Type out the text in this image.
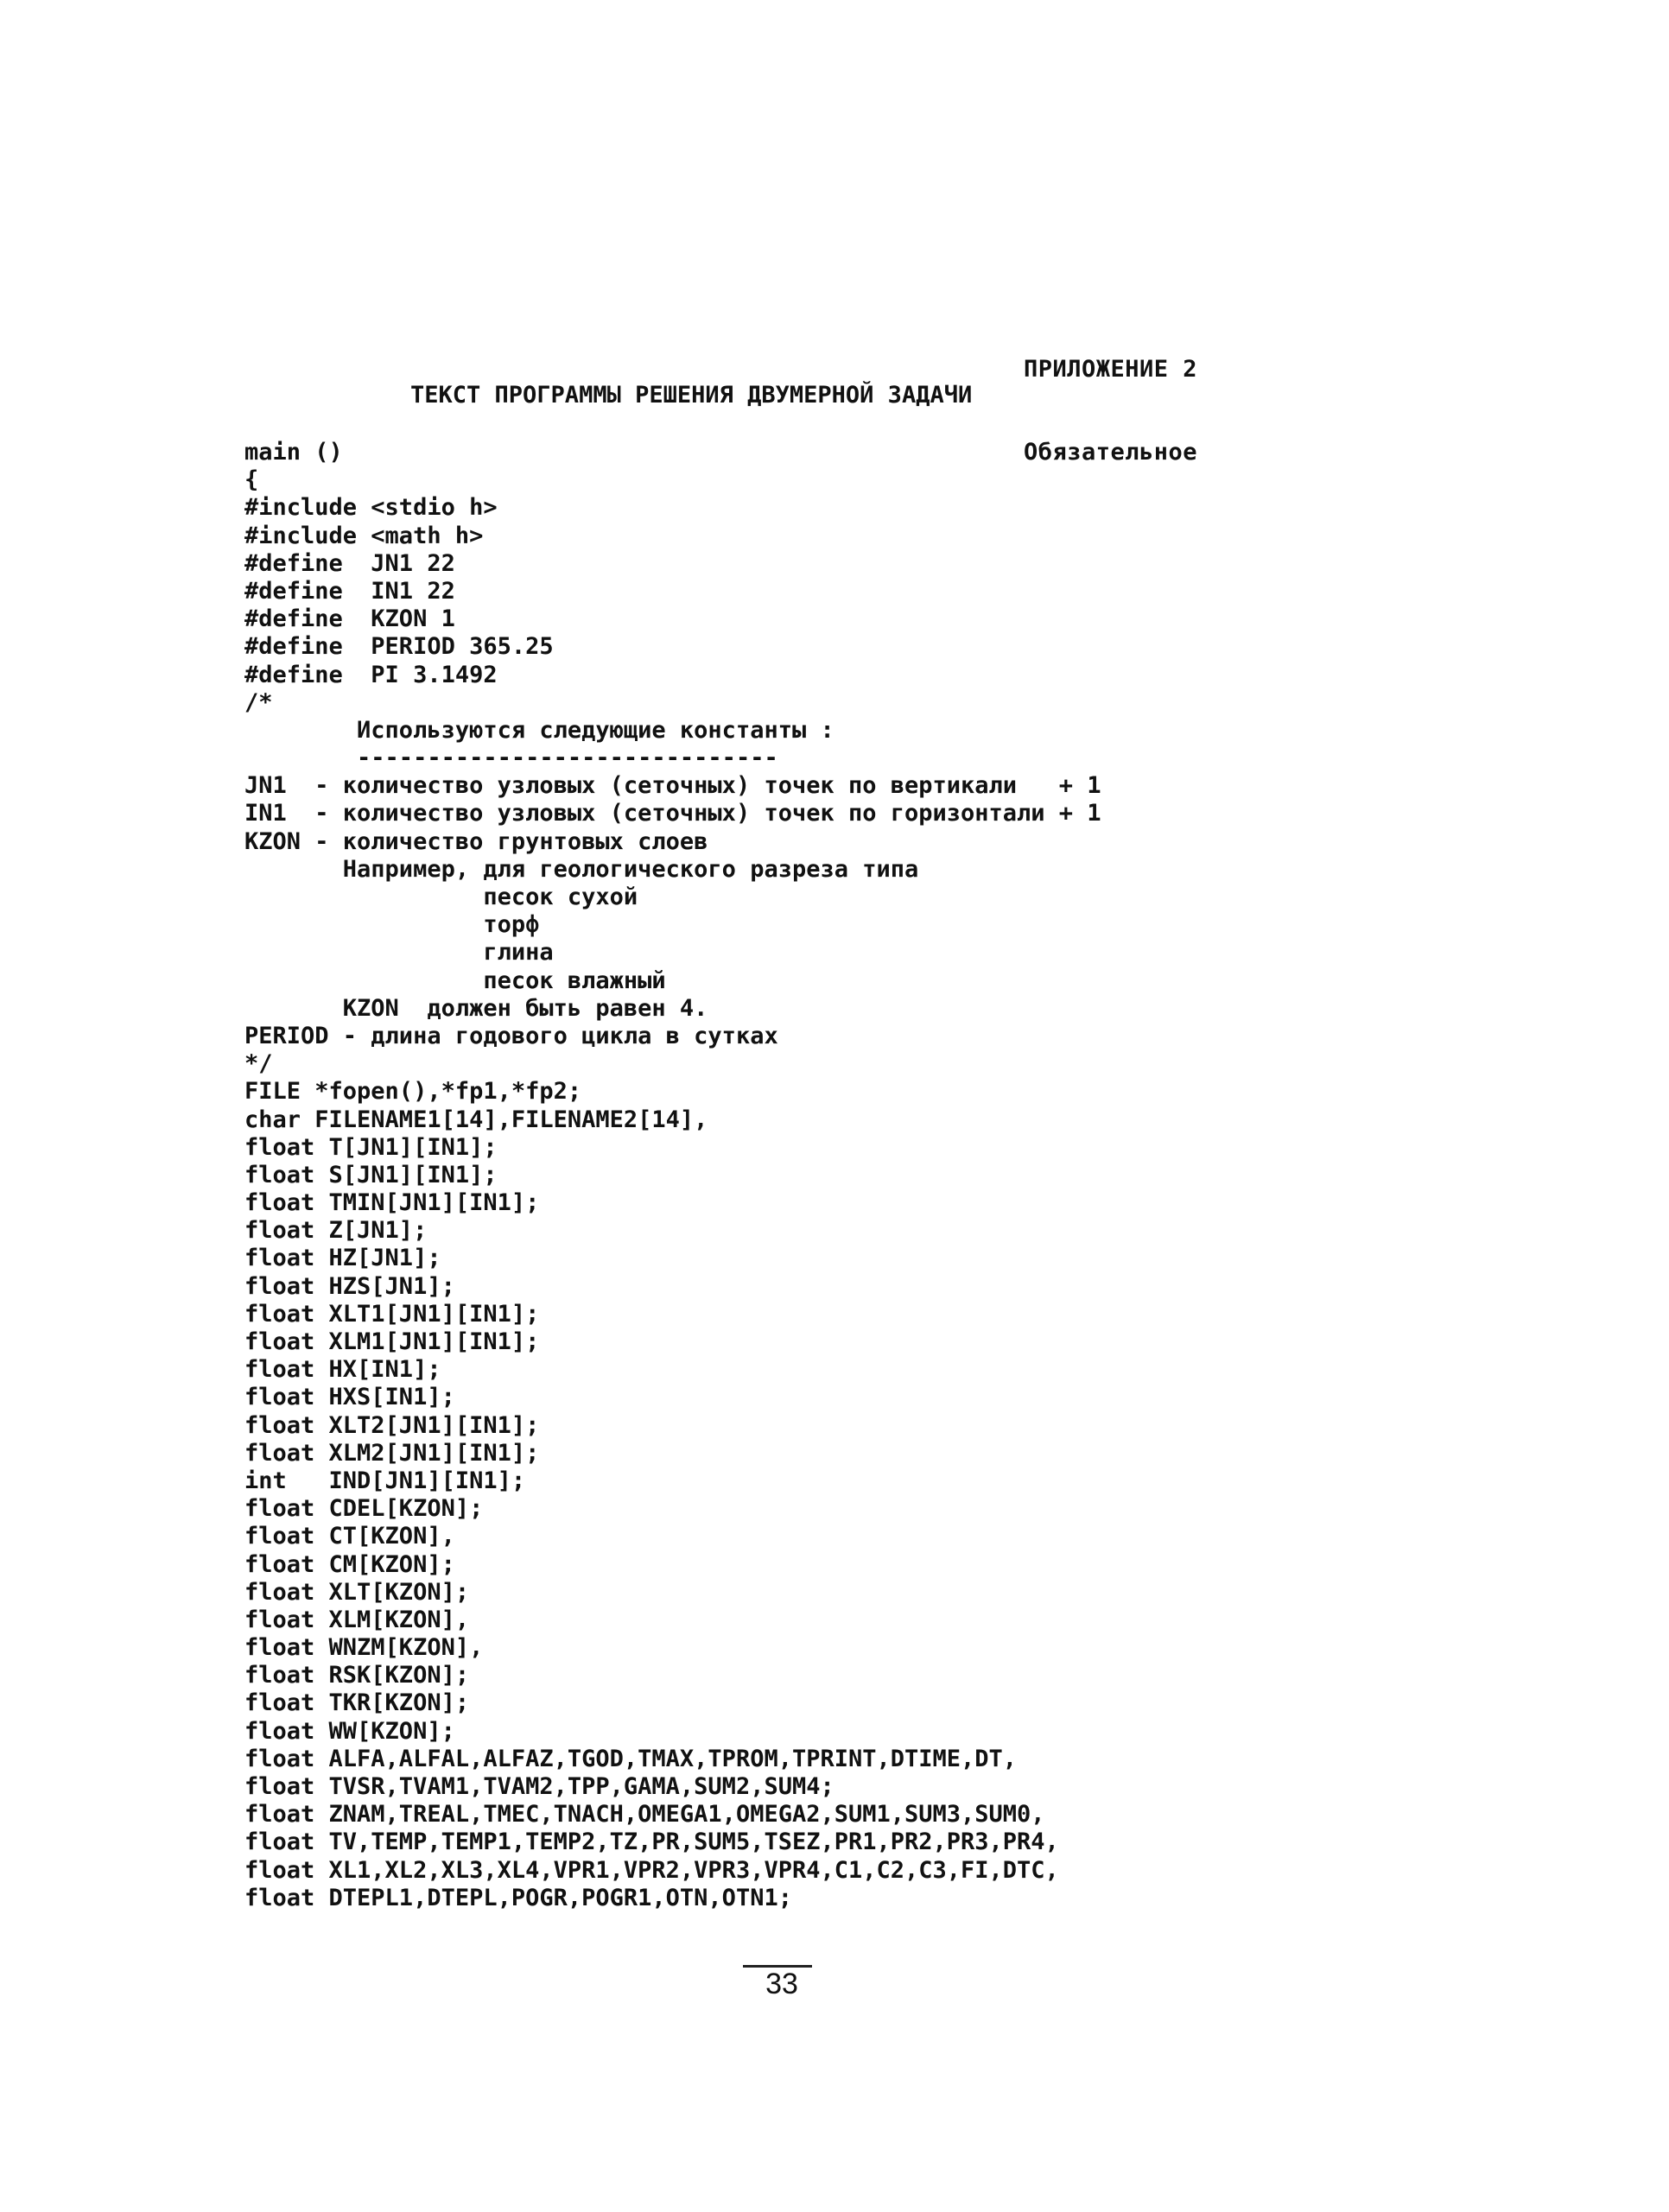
ПРИЛОЖЕНИЕ 2

Обязательное

ТЕКСТ ПРОГРАММЫ РЕШЕНИЯ ДВУМЕРНОЙ ЗАДАЧИ
main ()
{
#include <stdio h>
#include <math h>
#define  JN1 22
#define  IN1 22
#define  KZON 1
#define  PERIOD 365.25
#define  PI 3.1492
/*
Используются следующие константы :
------------------------------
JN1  - количество узловых (сеточных) точек по вертикали   + 1
IN1  - количество узловых (сеточных) точек по горизонтали + 1
KZON - количество грунтовых слоев
Например, для геологического разреза типа
песок сухой
торф
глина
песок влажный
KZON  должен быть равен 4.
PERIOD - длина годового цикла в сутках
*/
FILE *fopen(),*fp1,*fp2;
char FILENAME1[14],FILENAME2[14],
float T[JN1][IN1];
float S[JN1][IN1];
float TMIN[JN1][IN1];
float Z[JN1];
float HZ[JN1];
float HZS[JN1];
float XLT1[JN1][IN1];
float XLM1[JN1][IN1];
float HX[IN1];
float HXS[IN1];
float XLT2[JN1][IN1];
float XLM2[JN1][IN1];
int   IND[JN1][IN1];
float CDEL[KZON];
float CT[KZON],
float CM[KZON];
float XLT[KZON];
float XLM[KZON],
float WNZM[KZON],
float RSK[KZON];
float TKR[KZON];
float WW[KZON];
float ALFA,ALFAL,ALFAZ,TGOD,TMAX,TPROM,TPRINT,DTIME,DT,
float TVSR,TVAM1,TVAM2,TPP,GAMA,SUM2,SUM4;
float ZNAM,TREAL,TMEC,TNACH,OMEGA1,OMEGA2,SUM1,SUM3,SUM0,
float TV,TEMP,TEMP1,TEMP2,TZ,PR,SUM5,TSEZ,PR1,PR2,PR3,PR4,
float XL1,XL2,XL3,XL4,VPR1,VPR2,VPR3,VPR4,C1,C2,C3,FI,DTC,
float DTEPL1,DTEPL,POGR,POGR1,OTN,OTN1;
33
